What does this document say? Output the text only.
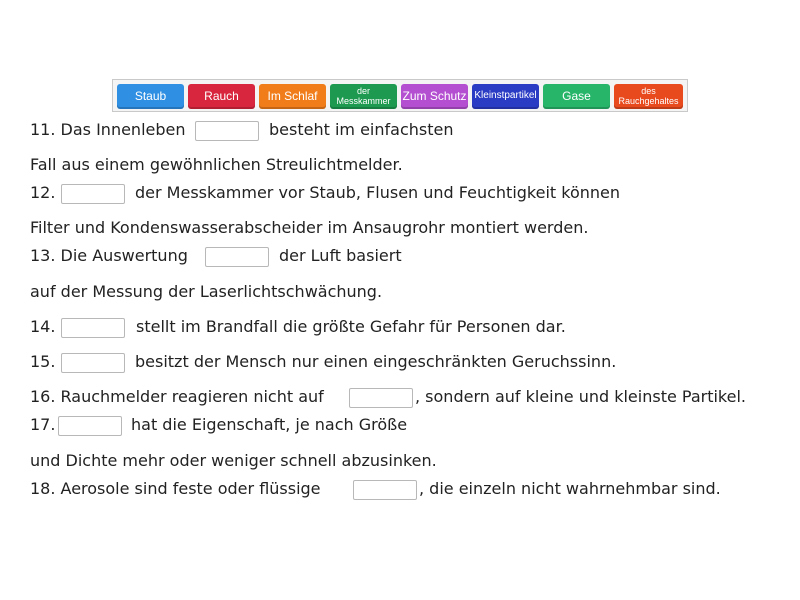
Staub	Rauch	Im Schlaf	der Messkammer Zum Schutz Kleinstpartikel	Gase	des Rauchgehaltes
11. Das Innenleben	besteht im einfachsten
Fall aus einem gewöhnlichen Streulichtmelder.
12.	der Messkammer vor Staub, Flusen und Feuchtigkeit können
Filter und Kondenswasserabscheider im Ansaugrohr montiert werden.
13. Die Auswertung	der Luft basiert
auf der Messung der Laserlichtschwächung.
14.	stellt im Brandfall die größte Gefahr für Personen dar.
15.	besitzt der Mensch nur einen eingeschränkten Geruchssinn.
16. Rauchmelder reagieren nicht auf	, sondern auf kleine und kleinste Partikel.
17.	hat die Eigenschaft, je nach Größe
und Dichte mehr oder weniger schnell abzusinken.
18. Aerosole sind feste oder flüssige	, die einzeln nicht wahrnehmbar sind.
